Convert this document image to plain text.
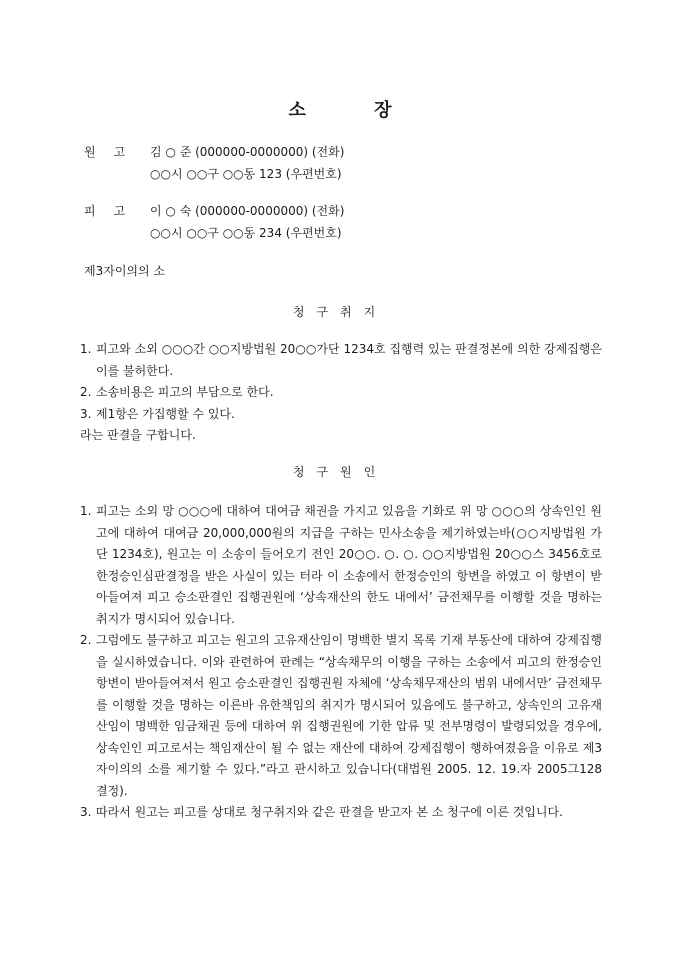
소	장
원고 김 ○ 준 (000000-0000000) (전화)
○○시 ○○구 ○○동 123 (우편번호)
피고 이 ○ 숙 (000000-0000000) (전화)
○○시 ○○구 ○○동 234 (우편번호)
제3자이의의 소
청구취지
1. 피고와 소외 ○○○간 ○○지방법원 20○○가단 1234호 집행력 있는 판결정본에 의한 강제집행은 이를 불허한다.
2. 소송비용은 피고의 부담으로 한다.
3. 제1항은 가집행할 수 있다.
라는 판결을 구합니다.
청구원인
1. 피고는 소외 망 ○○○에 대하여 대여금 채권을 가지고 있음을 기화로 위 망 ○○○의 상속인인 원고에 대하여 대여금 20,000,000원의 지급을 구하는 민사소송을 제기하였는바(○○지방법원 가단 1234호), 원고는 이 소송이 들어오기 전인 20○○. ○. ○. ○○지방법원 20○○스 3456호로 한정승인심판결정을 받은 사실이 있는 터라 이 소송에서 한정승인의 항변을 하였고 이 항변이 받아들여져 피고 승소판결인 집행권원에 ‘상속재산의 한도 내에서’ 금전채무를 이행할 것을 명하는 취지가 명시되어 있습니다.
2. 그럼에도 불구하고 피고는 원고의 고유재산임이 명백한 별지 목록 기재 부동산에 대하여 강제집행을 실시하였습니다. 이와 관련하여 판례는 “상속채무의 이행을 구하는 소송에서 피고의 한정승인 항변이 받아들여져서 원고 승소판결인 집행권원 자체에 ‘상속채무재산의 범위 내에서만’ 금전채무를 이행할 것을 명하는 이른바 유한책임의 취지가 명시되어 있음에도 불구하고, 상속인의 고유재산임이 명백한 임금채권 등에 대하여 위 집행권원에 기한 압류 및 전부명령이 발령되었을 경우에, 상속인인 피고로서는 책임재산이 될 수 없는 재산에 대하여 강제집행이 행하여졌음을 이유로 제3자이의의 소를 제기할 수 있다.”라고 판시하고 있습니다(대법원 2005. 12. 19.자 2005그128 결정).
3. 따라서 원고는 피고를 상대로 청구취지와 같은 판결을 받고자 본 소 청구에 이른 것입니다.
